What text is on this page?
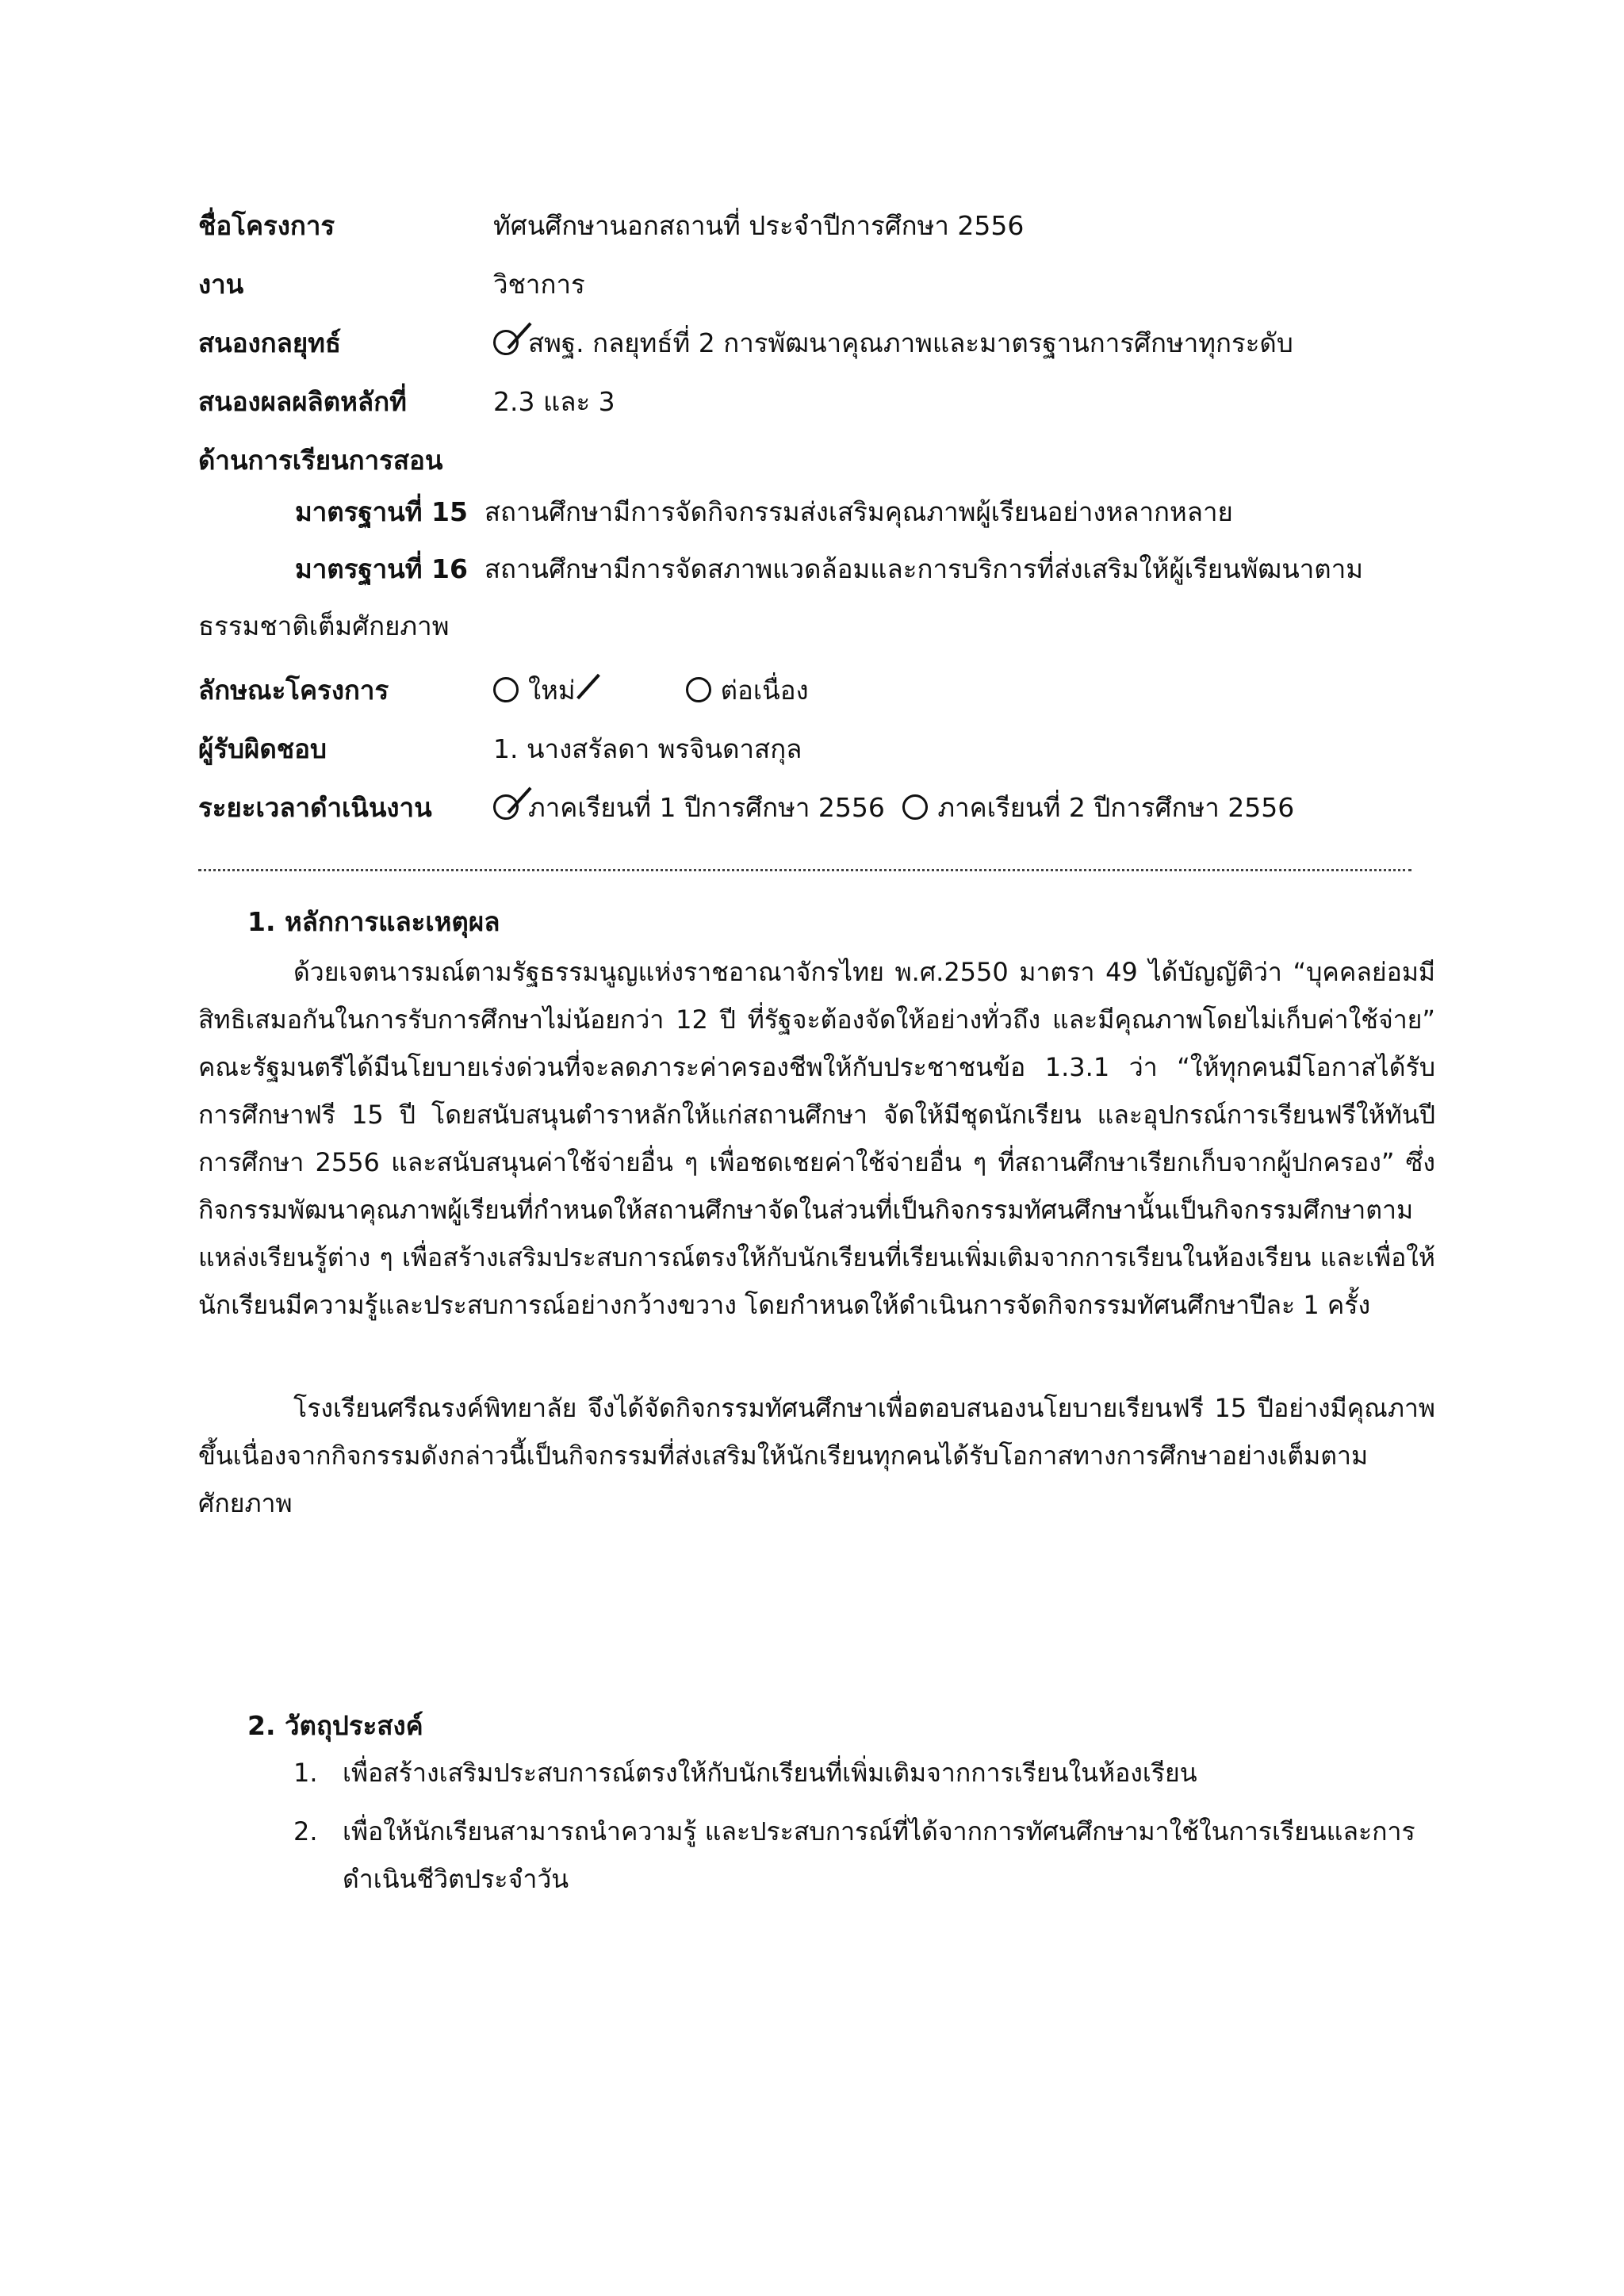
ชื่อโครงการ	ทัศนศึกษานอกสถานที่ ประจำปีการศึกษา 2556
งาน	วิชาการ
สนองกลยุทธ์	สพฐ. กลยุทธ์ที่ 2 การพัฒนาคุณภาพและมาตรฐานการศึกษาทุกระดับ
สนองผลผลิตหลักที่	2.3 และ 3
ด้านการเรียนการสอน
มาตรฐานที่ 15 สถานศึกษามีการจัดกิจกรรมส่งเสริมคุณภาพผู้เรียนอย่างหลากหลาย
มาตรฐานที่ 16 สถานศึกษามีการจัดสภาพแวดล้อมและการบริการที่ส่งเสริมให้ผู้เรียนพัฒนาตาม
ธรรมชาติเต็มศักยภาพ
ลักษณะโครงการ	ใหม่	ต่อเนื่อง
ผู้รับผิดชอบ	1. นางสรัลดา พรจินดาสกุล
ระยะเวลาดำเนินงาน	ภาคเรียนที่ 1 ปีการศึกษา 2556 ภาคเรียนที่ 2 ปีการศึกษา 2556
1. หลักการและเหตุผล
ด้วยเจตนารมณ์ตามรัฐธรรมนูญแห่งราชอาณาจักรไทย พ.ศ.2550 มาตรา 49 ได้บัญญัติว่า “บุคคลย่อมมีสิทธิเสมอกันในการรับการศึกษาไม่น้อยกว่า 12 ปี ที่รัฐจะต้องจัดให้อย่างทั่วถึง และมีคุณภาพโดยไม่เก็บค่าใช้จ่าย” คณะรัฐมนตรีได้มีนโยบายเร่งด่วนที่จะลดภาระค่าครองชีพให้กับประชาชนข้อ 1.3.1 ว่า “ให้ทุกคนมีโอกาสได้รับการศึกษาฟรี 15 ปี โดยสนับสนุนตำราหลักให้แก่สถานศึกษา จัดให้มีชุดนักเรียน และอุปกรณ์การเรียนฟรีให้ทันปีการศึกษา 2556 และสนับสนุนค่าใช้จ่ายอื่น ๆ เพื่อชดเชยค่าใช้จ่ายอื่น ๆ ที่สถานศึกษาเรียกเก็บจากผู้ปกครอง” ซึ่งกิจกรรมพัฒนาคุณภาพผู้เรียนที่กำหนดให้สถานศึกษาจัดในส่วนที่เป็นกิจกรรมทัศนศึกษานั้นเป็นกิจกรรมศึกษาตามแหล่งเรียนรู้ต่าง ๆ เพื่อสร้างเสริมประสบการณ์ตรงให้กับนักเรียนที่เรียนเพิ่มเติมจากการเรียนในห้องเรียน และเพื่อให้นักเรียนมีความรู้และประสบการณ์อย่างกว้างขวาง โดยกำหนดให้ดำเนินการจัดกิจกรรมทัศนศึกษาปีละ 1 ครั้ง
โรงเรียนศรีณรงค์พิทยาลัย จึงได้จัดกิจกรรมทัศนศึกษาเพื่อตอบสนองนโยบายเรียนฟรี 15 ปีอย่างมีคุณภาพขึ้นเนื่องจากกิจกรรมดังกล่าวนี้เป็นกิจกรรมที่ส่งเสริมให้นักเรียนทุกคนได้รับโอกาสทางการศึกษาอย่างเต็มตามศักยภาพ
2. วัตถุประสงค์
1. เพื่อสร้างเสริมประสบการณ์ตรงให้กับนักเรียนที่เพิ่มเติมจากการเรียนในห้องเรียน
2. เพื่อให้นักเรียนสามารถนำความรู้ และประสบการณ์ที่ได้จากการทัศนศึกษามาใช้ในการเรียนและการดำเนินชีวิตประจำวัน
